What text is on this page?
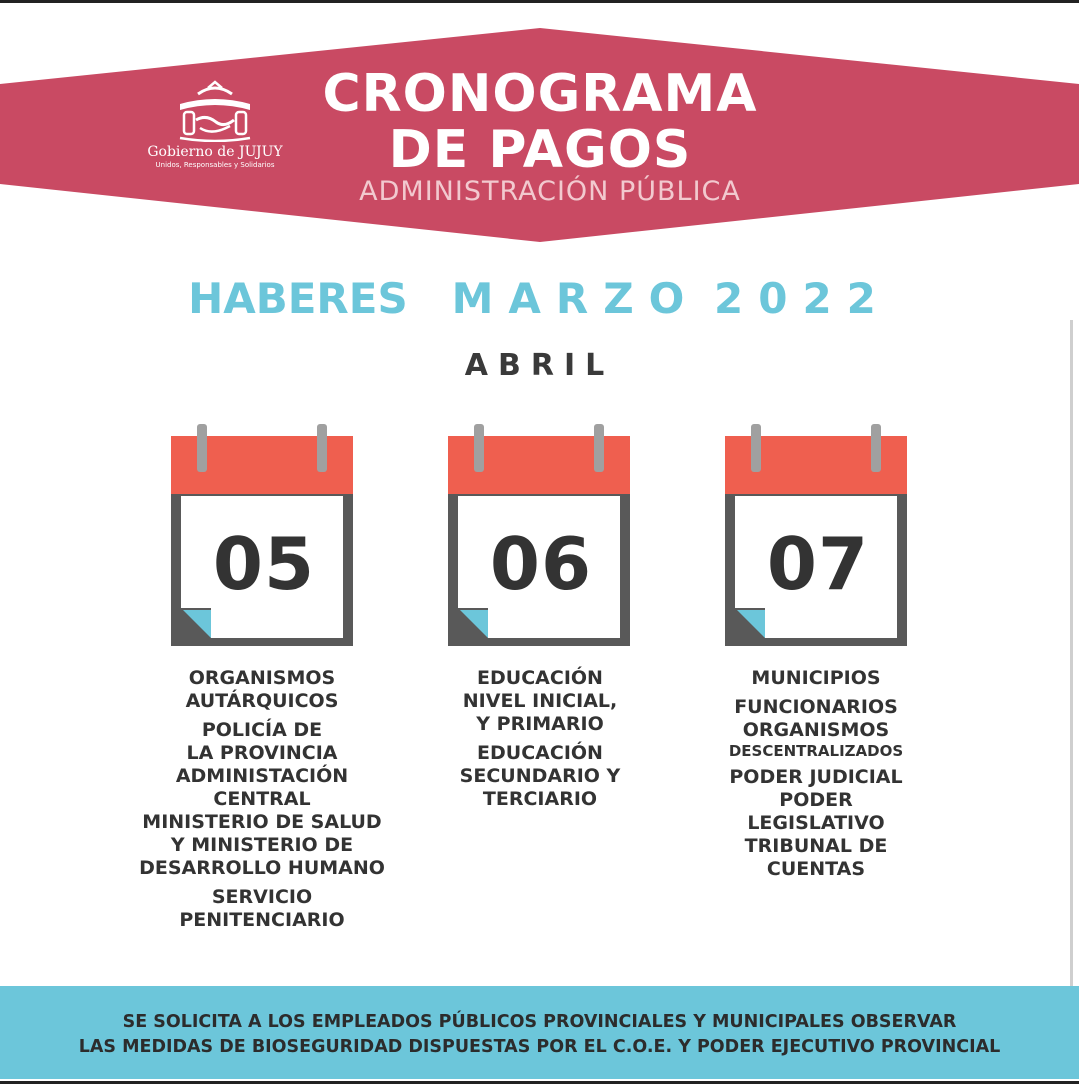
Gobierno de JUJUY
Unidos, Responsables y Solidarios
CRONOGRAMA
DE PAGOS
ADMINISTRACIÓN PÚBLICA
HABERES MARZO 2022
ABRIL
05	06	07
ORGANISMOS
AUTÁRQUICOS
POLICÍA DE
LA PROVINCIA
ADMINISTACIÓN
CENTRAL
MINISTERIO DE SALUD
Y MINISTERIO DE
DESARROLLO HUMANO
SERVICIO
PENITENCIARIO
EDUCACIÓN
NIVEL INICIAL,
Y PRIMARIO
EDUCACIÓN
SECUNDARIO Y
TERCIARIO
MUNICIPIOS
FUNCIONARIOS
ORGANISMOS
DESCENTRALIZADOS
PODER JUDICIAL
PODER
LEGISLATIVO
TRIBUNAL DE
CUENTAS
SE SOLICITA A LOS EMPLEADOS PÚBLICOS PROVINCIALES Y MUNICIPALES OBSERVAR
LAS MEDIDAS DE BIOSEGURIDAD DISPUESTAS POR EL C.O.E. Y PODER EJECUTIVO PROVINCIAL
